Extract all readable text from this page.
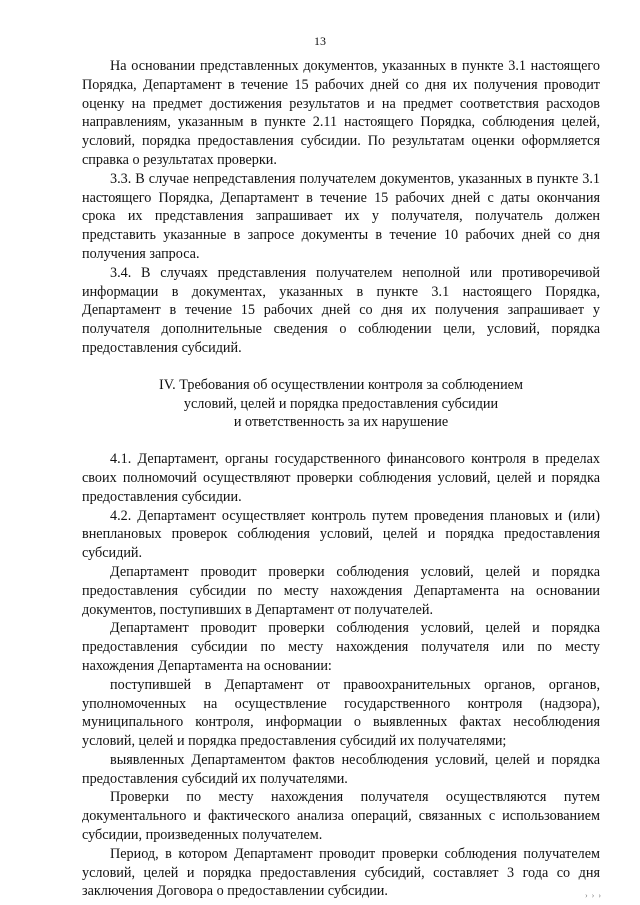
13

На основании представленных документов, указанных в пункте 3.1 настоящего Порядка, Департамент в течение 15 рабочих дней со дня их получения проводит оценку на предмет достижения результатов и на предмет соответствия расходов направлениям, указанным в пункте 2.11 настоящего Порядка, соблюдения целей, условий, порядка предоставления субсидии. По результатам оценки оформляется справка о результатах проверки.

3.3. В случае непредставления получателем документов, указанных в пункте 3.1 настоящего Порядка, Департамент в течение 15 рабочих дней с даты окончания срока их представления запрашивает их у получателя, получатель должен представить указанные в запросе документы в течение 10 рабочих дней со дня получения запроса.

3.4. В случаях представления получателем неполной или противоречивой информации в документах, указанных в пункте 3.1 настоящего Порядка, Департамент в течение 15 рабочих дней со дня их получения запрашивает у получателя дополнительные сведения о соблюдении цели, условий, порядка предоставления субсидий.

IV. Требования об осуществлении контроля за соблюдением
условий, целей и порядка предоставления субсидии
и ответственность за их нарушение

4.1. Департамент, органы государственного финансового контроля в пределах своих полномочий осуществляют проверки соблюдения условий, целей и порядка предоставления субсидии.

4.2. Департамент осуществляет контроль путем проведения плановых и (или) внеплановых проверок соблюдения условий, целей и порядка предоставления субсидий.

Департамент проводит проверки соблюдения условий, целей и порядка предоставления субсидии по месту нахождения Департамента на основании документов, поступивших в Департамент от получателей.

Департамент проводит проверки соблюдения условий, целей и порядка предоставления субсидии по месту нахождения получателя или по месту нахождения Департамента на основании:

поступившей в Департамент от правоохранительных органов, органов, уполномоченных на осуществление государственного контроля (надзора), муниципального контроля, информации о выявленных фактах несоблюдения условий, целей и порядка предоставления субсидий их получателями;

выявленных Департаментом фактов несоблюдения условий, целей и порядка предоставления субсидий их получателями.

Проверки по месту нахождения получателя осуществляются путем документального и фактического анализа операций, связанных с использованием субсидии, произведенных получателем.

Период, в котором Департамент проводит проверки соблюдения получателем условий, целей и порядка предоставления субсидий, составляет 3 года со дня заключения Договора о предоставлении субсидии.	› › ›
